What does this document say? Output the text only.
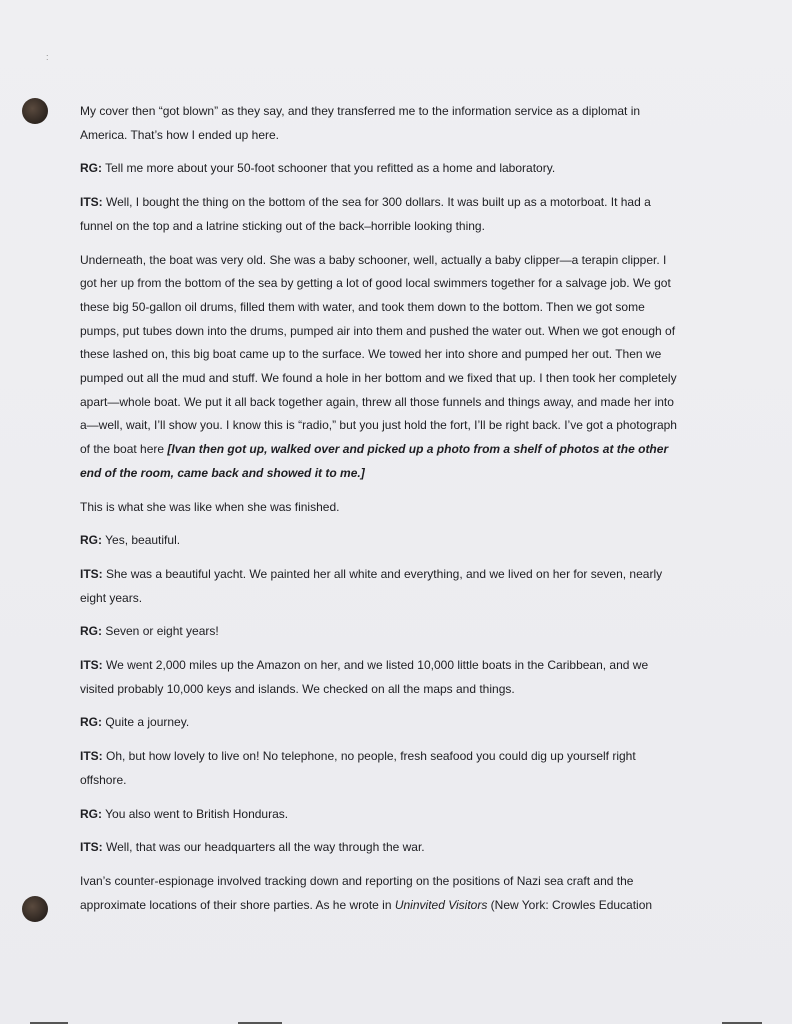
:

My cover then “got blown” as they say, and they transferred me to the information service as a diplomat in America. That’s how I ended up here.

RG: Tell me more about your 50-foot schooner that you refitted as a home and laboratory.

ITS: Well, I bought the thing on the bottom of the sea for 300 dollars. It was built up as a motorboat. It had a funnel on the top and a latrine sticking out of the back–horrible looking thing.

Underneath, the boat was very old. She was a baby schooner, well, actually a baby clipper—a terapin clipper. I got her up from the bottom of the sea by getting a lot of good local swimmers together for a salvage job. We got these big 50-gallon oil drums, filled them with water, and took them down to the bottom. Then we got some pumps, put tubes down into the drums, pumped air into them and pushed the water out. When we got enough of these lashed on, this big boat came up to the surface. We towed her into shore and pumped her out. Then we pumped out all the mud and stuff. We found a hole in her bottom and we fixed that up. I then took her completely apart—whole boat. We put it all back together again, threw all those funnels and things away, and made her into a—well, wait, I’ll show you. I know this is “radio,” but you just hold the fort, I’ll be right back. I’ve got a photograph of the boat here [Ivan then got up, walked over and picked up a photo from a shelf of photos at the other end of the room, came back and showed it to me.]

This is what she was like when she was finished.

RG: Yes, beautiful.

ITS: She was a beautiful yacht. We painted her all white and everything, and we lived on her for seven, nearly eight years.

RG: Seven or eight years!

ITS: We went 2,000 miles up the Amazon on her, and we listed 10,000 little boats in the Caribbean, and we visited probably 10,000 keys and islands. We checked on all the maps and things.

RG: Quite a journey.

ITS: Oh, but how lovely to live on! No telephone, no people, fresh seafood you could dig up yourself right offshore.

RG: You also went to British Honduras.

ITS: Well, that was our headquarters all the way through the war.

Ivan’s counter-espionage involved tracking down and reporting on the positions of Nazi sea craft and the approximate locations of their shore parties. As he wrote in Uninvited Visitors (New York: Crowles Education
